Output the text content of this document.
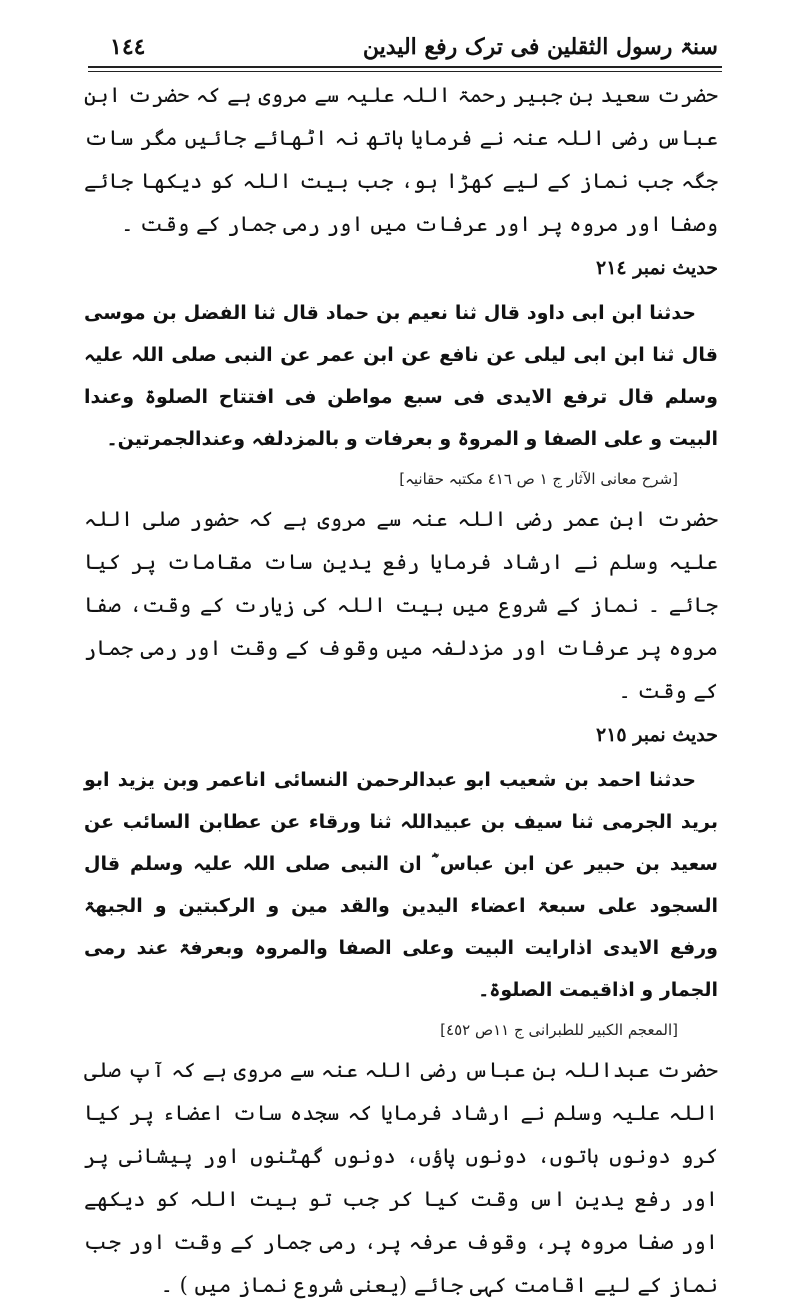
سنۃ رسول الثقلین فی ترک رفع الیدین
١٤٤

حضرت سعید بن جبیر رحمۃ اللہ علیہ سے مروی ہے کہ حضرت ابن عباس رضی اللہ عنہ نے فرمایا ہاتھ نہ اٹھائے جائیں مگر سات جگہ جب نماز کے لیے کھڑا ہو، جب بیت اللہ کو دیکھا جائے وصفا اور مروہ پر اور عرفات میں اور رمی جمار کے وقت ۔

حدیث نمبر ٢١٤

حدثنا ابن ابی داود قال ثنا نعیم بن حماد قال ثنا الفضل بن موسی قال ثنا ابن ابی لیلی عن نافع عن ابن عمر عن النبی صلی اللہ علیہ وسلم قال ترفع الایدی فی سبع مواطن فی افتتاح الصلوۃ وعندا البیت و علی الصفا و المروۃ و بعرفات و بالمزدلفہ وعندالجمرتین۔

[شرح معانی الآثار ج ١ ص ٤١٦ مکتبہ حقانیہ]

حضرت ابن عمر رضی اللہ عنہ سے مروی ہے کہ حضور صلی اللہ علیہ وسلم نے ارشاد فرمایا رفع یدین سات مقامات پر کیا جائے ۔ نماز کے شروع میں بیت اللہ کی زیارت کے وقت، صفا مروہ پر عرفات اور مزدلفہ میں وقوف کے وقت اور رمی جمار کے وقت ۔

حدیث نمبر ٢١٥

حدثنا احمد بن شعیب ابو عبدالرحمن النسائی اناعمر وبن یزید ابو برید الجرمی ثنا سیف بن عبیداللہ ثنا ورقاء عن عطابن السائب عن سعید بن حبیر عن ابن عباس ؓ ان النبی صلی اللہ علیہ وسلم قال السجود علی سبعۃ اعضاء الیدین والقد مین و الرکبتین و الجبھۃ ورفع الایدی اذارایت البیت وعلی الصفا والمروہ وبعرفۃ عند رمی الجمار و اذاقیمت الصلوۃ۔

[المعجم الکبیر للطبرانی ج ١١ص ٤٥٢]

حضرت عبداللہ بن عباس رضی اللہ عنہ سے مروی ہے کہ آپ صلی اللہ علیہ وسلم نے ارشاد فرمایا کہ سجدہ سات اعضاء پر کیا کرو دونوں ہاتوں، دونوں پاؤں، دونوں گھٹنوں اور پیشانی پر اور رفع یدین اس وقت کیا کر جب تو بیت اللہ کو دیکھے اور صفا مروہ پر، وقوف عرفہ پر، رمی جمار کے وقت اور جب نماز کے لیے اقامت کہی جائے (یعنی شروع نماز میں ) ۔
